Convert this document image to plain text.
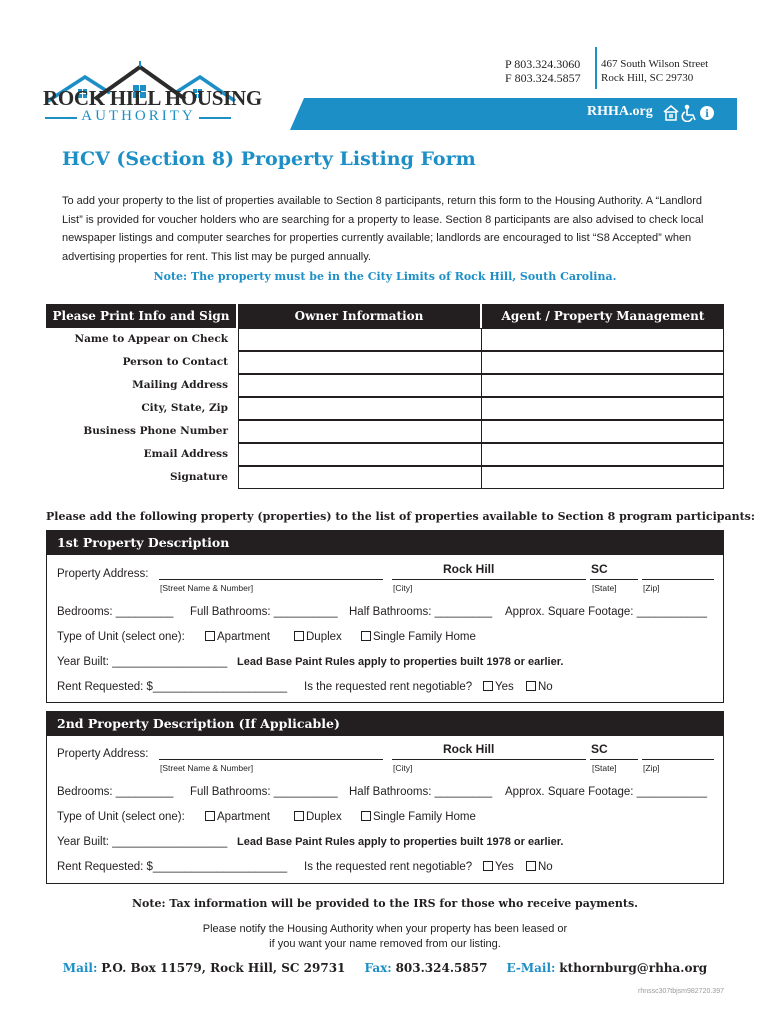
ROCK HILL HOUSING
AUTHORITY
P 803.324.3060
F 803.324.5857
467 South Wilson Street
Rock Hill, SC 29730
RHHA.org	i
HCV (Section 8) Property Listing Form
To add your property to the list of properties available to Section 8 participants, return this form to the Housing Authority. A “Landlord List” is provided for voucher holders who are searching for a property to lease. Section 8 participants are also advised to check local newspaper listings and computer searches for properties currently available; landlords are encouraged to list “S8 Accepted” when advertising properties for rent. This list may be purged annually.
Note: The property must be in the City Limits of Rock Hill, South Carolina.
Please Print Info and Sign	Owner Information	Agent / Property Management
Name to Appear on Check
Person to Contact
Mailing Address
City, State, Zip
Business Phone Number
Email Address
Signature
Please add the following property (properties) to the list of properties available to Section 8 program participants:
1st Property Description
Property Address:
[Street Name & Number]
Rock Hill
[City]
SC
[State]	[Zip]
Bedrooms: _________ Full Bathrooms: __________ Half Bathrooms: _________ Approx. Square Footage: ___________
Type of Unit (select one):	Apartment	Duplex	Single Family Home
Year Built: __________________ Lead Base Paint Rules apply to properties built 1978 or earlier.
Rent Requested: $_____________________ Is the requested rent negotiable?	Yes	No
2nd Property Description (If Applicable)
Property Address:
[Street Name & Number]
Rock Hill
[City]
SC
[State]	[Zip]
Bedrooms: _________ Full Bathrooms: __________ Half Bathrooms: _________ Approx. Square Footage: ___________
Type of Unit (select one):	Apartment	Duplex	Single Family Home
Year Built: __________________ Lead Base Paint Rules apply to properties built 1978 or earlier.
Rent Requested: $_____________________ Is the requested rent negotiable?	Yes	No
Note: Tax information will be provided to the IRS for those who receive payments.
Please notify the Housing Authority when your property has been leased or
if you want your name removed from our listing.
Mail: P.O. Box 11579, Rock Hill, SC 29731 Fax: 803.324.5857 E-Mail: kthornburg@rhha.org
rhnssc307tbjsm982720.397
